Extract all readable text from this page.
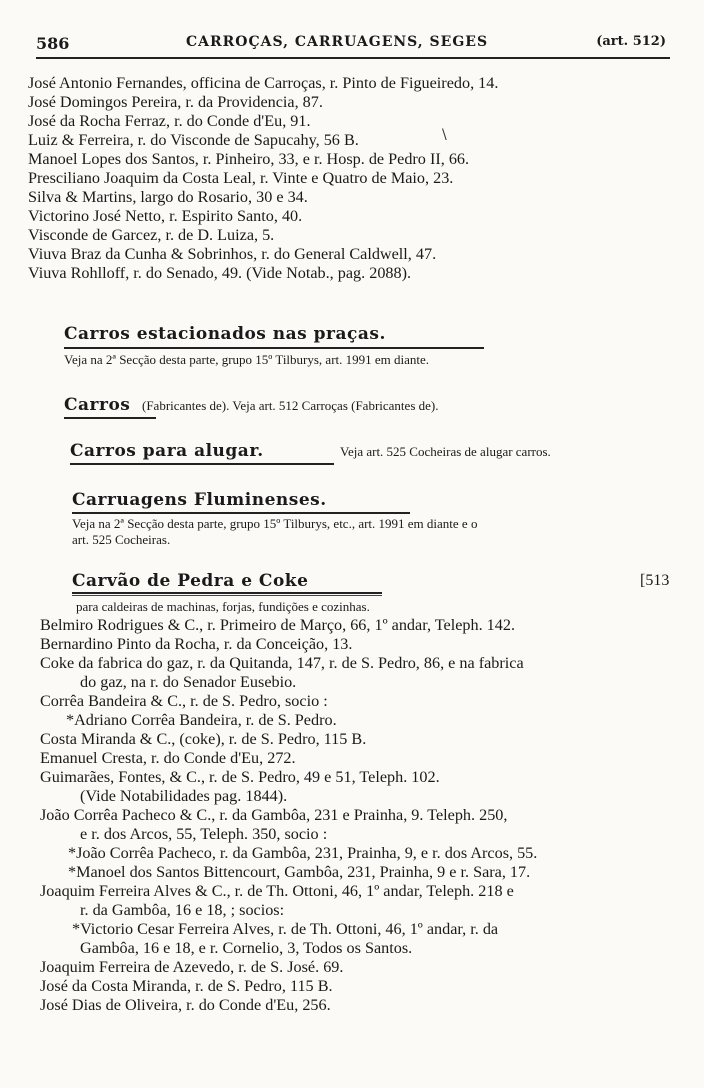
586	CARROÇAS, CARRUAGENS, SEGES	(art. 512)
\
José Antonio Fernandes, officina de Carroças, r. Pinto de Figueiredo, 14.
José Domingos Pereira, r. da Providencia, 87.
José da Rocha Ferraz, r. do Conde d'Eu, 91.
Luiz & Ferreira, r. do Visconde de Sapucahy, 56 B.
Manoel Lopes dos Santos, r. Pinheiro, 33, e r. Hosp. de Pedro II, 66.
Presciliano Joaquim da Costa Leal, r. Vinte e Quatro de Maio, 23.
Silva & Martins, largo do Rosario, 30 e 34.
Victorino José Netto, r. Espirito Santo, 40.
Visconde de Garcez, r. de D. Luiza, 5.
Viuva Braz da Cunha & Sobrinhos, r. do General Caldwell, 47.
Viuva Rohlloff, r. do Senado, 49. (Vide Notab., pag. 2088).
Carros estacionados nas praças.
Veja na 2ª Secção desta parte, grupo 15º Tilburys, art. 1991 em diante.
Carros (Fabricantes de). Veja art. 512 Carroças (Fabricantes de).
Carros para alugar.	Veja art. 525 Cocheiras de alugar carros.
Carruagens Fluminenses.
Veja na 2ª Secção desta parte, grupo 15º Tilburys, etc., art. 1991 em diante e o
art. 525 Cocheiras.
Carvão de Pedra e Coke	[513
para caldeiras de machinas, forjas, fundições e cozinhas.
Belmiro Rodrigues & C., r. Primeiro de Março, 66, 1º andar, Teleph. 142.
Bernardino Pinto da Rocha, r. da Conceição, 13.
Coke da fabrica do gaz, r. da Quitanda, 147, r. de S. Pedro, 86, e na fabrica
do gaz, na r. do Senador Eusebio.
Corrêa Bandeira & C., r. de S. Pedro, socio :
*Adriano Corrêa Bandeira, r. de S. Pedro.
Costa Miranda & C., (coke), r. de S. Pedro, 115 B.
Emanuel Cresta, r. do Conde d'Eu, 272.
Guimarães, Fontes, & C., r. de S. Pedro, 49 e 51, Teleph. 102.
(Vide Notabilidades pag. 1844).
João Corrêa Pacheco & C., r. da Gambôa, 231 e Prainha, 9. Teleph. 250,
e r. dos Arcos, 55, Teleph. 350, socio :
*João Corrêa Pacheco, r. da Gambôa, 231, Prainha, 9, e r. dos Arcos, 55.
*Manoel dos Santos Bittencourt, Gambôa, 231, Prainha, 9 e r. Sara, 17.
Joaquim Ferreira Alves & C., r. de Th. Ottoni, 46, 1º andar, Teleph. 218 e
r. da Gambôa, 16 e 18, ; socios:
*Victorio Cesar Ferreira Alves, r. de Th. Ottoni, 46, 1º andar, r. da
Gambôa, 16 e 18, e r. Cornelio, 3, Todos os Santos.
Joaquim Ferreira de Azevedo, r. de S. José. 69.
José da Costa Miranda, r. de S. Pedro, 115 B.
José Dias de Oliveira, r. do Conde d'Eu, 256.
